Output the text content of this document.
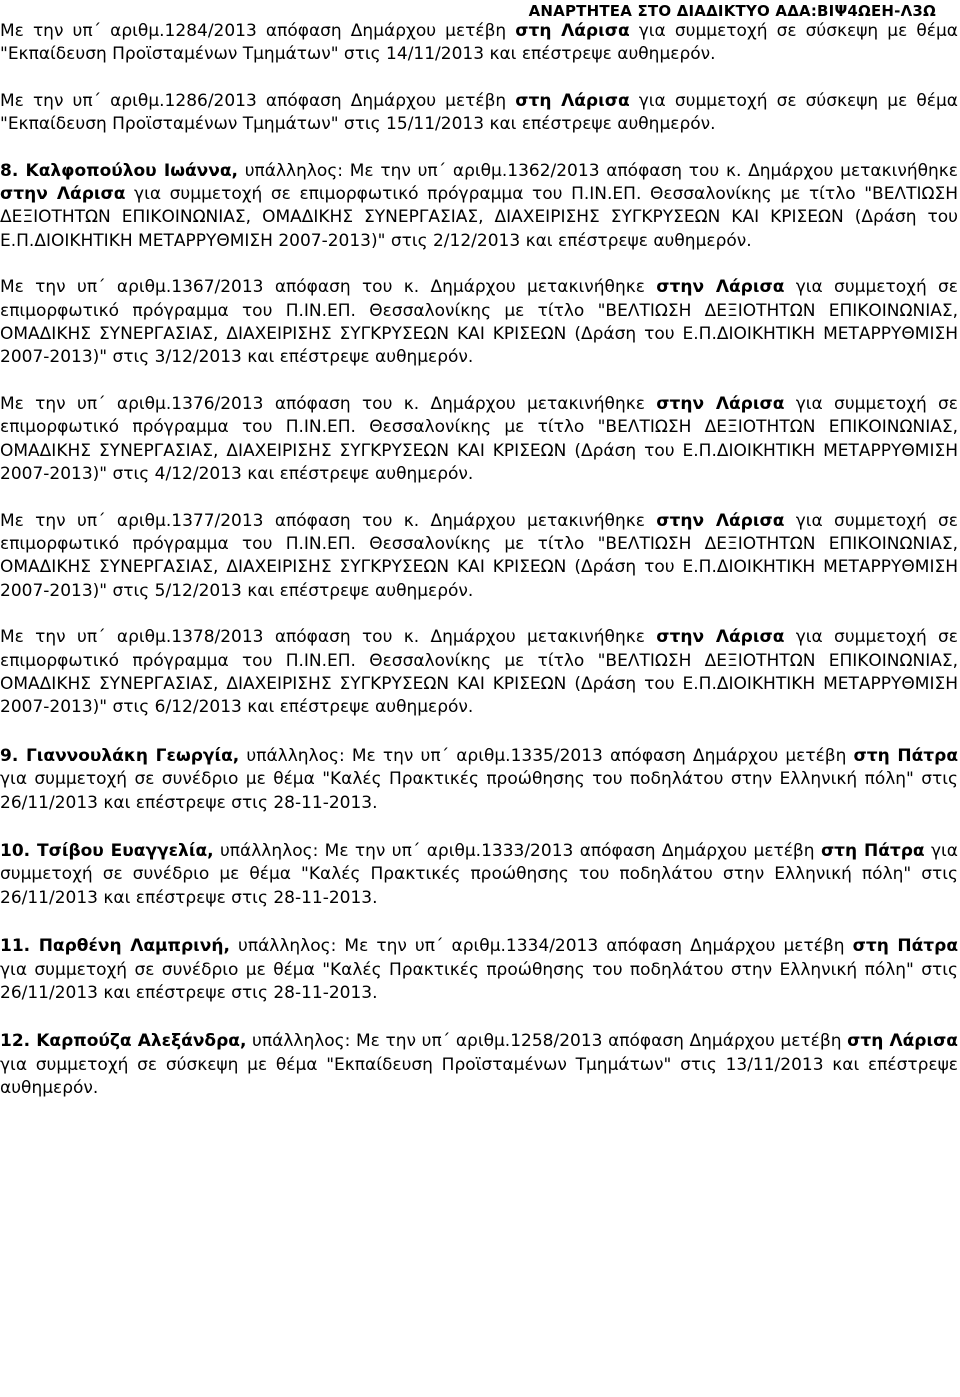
ΑΝΑΡΤΗΤΕΑ ΣΤΟ ΔΙΑΔΙΚΤΥΟ ΑΔΑ:ΒΙΨ4ΩΕΗ-Λ3Ω

Με την υπ΄ αριθμ.1284/2013 απόφαση Δημάρχου μετέβη στη Λάρισα για συμμετοχή σε σύσκεψη με θέμα "Εκπαίδευση Προϊσταμένων Τμημάτων" στις 14/11/2013 και επέστρεψε αυθημερόν.

Με την υπ΄ αριθμ.1286/2013 απόφαση Δημάρχου μετέβη στη Λάρισα για συμμετοχή σε σύσκεψη με θέμα "Εκπαίδευση Προϊσταμένων Τμημάτων" στις 15/11/2013 και επέστρεψε αυθημερόν.

8. Καλφοπούλου Ιωάννα, υπάλληλος: Με την υπ΄ αριθμ.1362/2013 απόφαση του κ. Δημάρχου μετακινήθηκε στην Λάρισα για συμμετοχή σε επιμορφωτικό πρόγραμμα του Π.ΙΝ.ΕΠ. Θεσσαλονίκης με τίτλο "ΒΕΛΤΙΩΣΗ ΔΕΞΙΟΤΗΤΩΝ ΕΠΙΚΟΙΝΩΝΙΑΣ, ΟΜΑΔΙΚΗΣ ΣΥΝΕΡΓΑΣΙΑΣ, ΔΙΑΧΕΙΡΙΣΗΣ ΣΥΓΚΡΥΣΕΩΝ ΚΑΙ ΚΡΙΣΕΩΝ (Δράση του Ε.Π.ΔΙΟΙΚΗΤΙΚΗ ΜΕΤΑΡΡΥΘΜΙΣΗ 2007-2013)" στις 2/12/2013 και επέστρεψε αυθημερόν.

Με την υπ΄ αριθμ.1367/2013 απόφαση του κ. Δημάρχου μετακινήθηκε στην Λάρισα για συμμετοχή σε επιμορφωτικό πρόγραμμα του Π.ΙΝ.ΕΠ. Θεσσαλονίκης με τίτλο "ΒΕΛΤΙΩΣΗ ΔΕΞΙΟΤΗΤΩΝ ΕΠΙΚΟΙΝΩΝΙΑΣ, ΟΜΑΔΙΚΗΣ ΣΥΝΕΡΓΑΣΙΑΣ, ΔΙΑΧΕΙΡΙΣΗΣ ΣΥΓΚΡΥΣΕΩΝ ΚΑΙ ΚΡΙΣΕΩΝ (Δράση του Ε.Π.ΔΙΟΙΚΗΤΙΚΗ ΜΕΤΑΡΡΥΘΜΙΣΗ 2007-2013)" στις 3/12/2013 και επέστρεψε αυθημερόν.

Με την υπ΄ αριθμ.1376/2013 απόφαση του κ. Δημάρχου μετακινήθηκε στην Λάρισα για συμμετοχή σε επιμορφωτικό πρόγραμμα του Π.ΙΝ.ΕΠ. Θεσσαλονίκης με τίτλο "ΒΕΛΤΙΩΣΗ ΔΕΞΙΟΤΗΤΩΝ ΕΠΙΚΟΙΝΩΝΙΑΣ, ΟΜΑΔΙΚΗΣ ΣΥΝΕΡΓΑΣΙΑΣ, ΔΙΑΧΕΙΡΙΣΗΣ ΣΥΓΚΡΥΣΕΩΝ ΚΑΙ ΚΡΙΣΕΩΝ (Δράση του Ε.Π.ΔΙΟΙΚΗΤΙΚΗ ΜΕΤΑΡΡΥΘΜΙΣΗ 2007-2013)" στις 4/12/2013 και επέστρεψε αυθημερόν.

Με την υπ΄ αριθμ.1377/2013 απόφαση του κ. Δημάρχου μετακινήθηκε στην Λάρισα για συμμετοχή σε επιμορφωτικό πρόγραμμα του Π.ΙΝ.ΕΠ. Θεσσαλονίκης με τίτλο "ΒΕΛΤΙΩΣΗ ΔΕΞΙΟΤΗΤΩΝ ΕΠΙΚΟΙΝΩΝΙΑΣ, ΟΜΑΔΙΚΗΣ ΣΥΝΕΡΓΑΣΙΑΣ, ΔΙΑΧΕΙΡΙΣΗΣ ΣΥΓΚΡΥΣΕΩΝ ΚΑΙ ΚΡΙΣΕΩΝ (Δράση του Ε.Π.ΔΙΟΙΚΗΤΙΚΗ ΜΕΤΑΡΡΥΘΜΙΣΗ 2007-2013)" στις 5/12/2013 και επέστρεψε αυθημερόν.

Με την υπ΄ αριθμ.1378/2013 απόφαση του κ. Δημάρχου μετακινήθηκε στην Λάρισα για συμμετοχή σε επιμορφωτικό πρόγραμμα του Π.ΙΝ.ΕΠ. Θεσσαλονίκης με τίτλο "ΒΕΛΤΙΩΣΗ ΔΕΞΙΟΤΗΤΩΝ ΕΠΙΚΟΙΝΩΝΙΑΣ, ΟΜΑΔΙΚΗΣ ΣΥΝΕΡΓΑΣΙΑΣ, ΔΙΑΧΕΙΡΙΣΗΣ ΣΥΓΚΡΥΣΕΩΝ ΚΑΙ ΚΡΙΣΕΩΝ (Δράση του Ε.Π.ΔΙΟΙΚΗΤΙΚΗ ΜΕΤΑΡΡΥΘΜΙΣΗ 2007-2013)" στις 6/12/2013 και επέστρεψε αυθημερόν.

9. Γιαννουλάκη Γεωργία, υπάλληλος: Με την υπ΄ αριθμ.1335/2013 απόφαση Δημάρχου μετέβη στη Πάτρα για συμμετοχή σε συνέδριο με θέμα "Καλές Πρακτικές προώθησης του ποδηλάτου στην Ελληνική πόλη" στις 26/11/2013 και επέστρεψε στις 28-11-2013.

10. Τσίβου Ευαγγελία, υπάλληλος: Με την υπ΄ αριθμ.1333/2013 απόφαση Δημάρχου μετέβη στη Πάτρα για συμμετοχή σε συνέδριο με θέμα "Καλές Πρακτικές προώθησης του ποδηλάτου στην Ελληνική πόλη" στις 26/11/2013 και επέστρεψε στις 28-11-2013.

11. Παρθένη Λαμπρινή, υπάλληλος: Με την υπ΄ αριθμ.1334/2013 απόφαση Δημάρχου μετέβη στη Πάτρα για συμμετοχή σε συνέδριο με θέμα "Καλές Πρακτικές προώθησης του ποδηλάτου στην Ελληνική πόλη" στις 26/11/2013 και επέστρεψε στις 28-11-2013.

12. Καρπούζα Αλεξάνδρα, υπάλληλος: Με την υπ΄ αριθμ.1258/2013 απόφαση Δημάρχου μετέβη στη Λάρισα για συμμετοχή σε σύσκεψη με θέμα "Εκπαίδευση Προϊσταμένων Τμημάτων" στις 13/11/2013 και επέστρεψε αυθημερόν.
